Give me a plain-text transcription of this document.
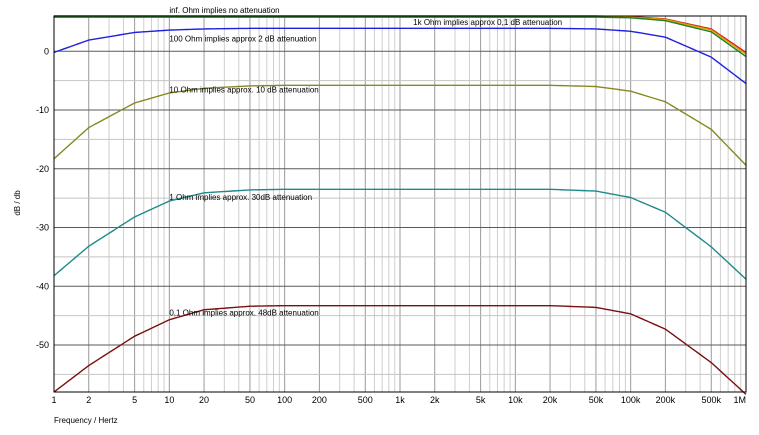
inf. Ohm implies no attenuation
1k Ohm implies approx 0,1 dB attenuation
100 Ohm implies approx 2 dB attenuation
10 Ohm implies approx. 10 dB attenuation
1 Ohm implies approx. 30dB attenuation
0,1 Ohm implies approx. 48dB attenuation
1	2	5	10	20	50 100 200	500 1k	2k	5k	10k 20k	50k 100k 200k	500k 1M
0
-10
-20
-30
-40
-50
Frequency / Hertz
dB / db
